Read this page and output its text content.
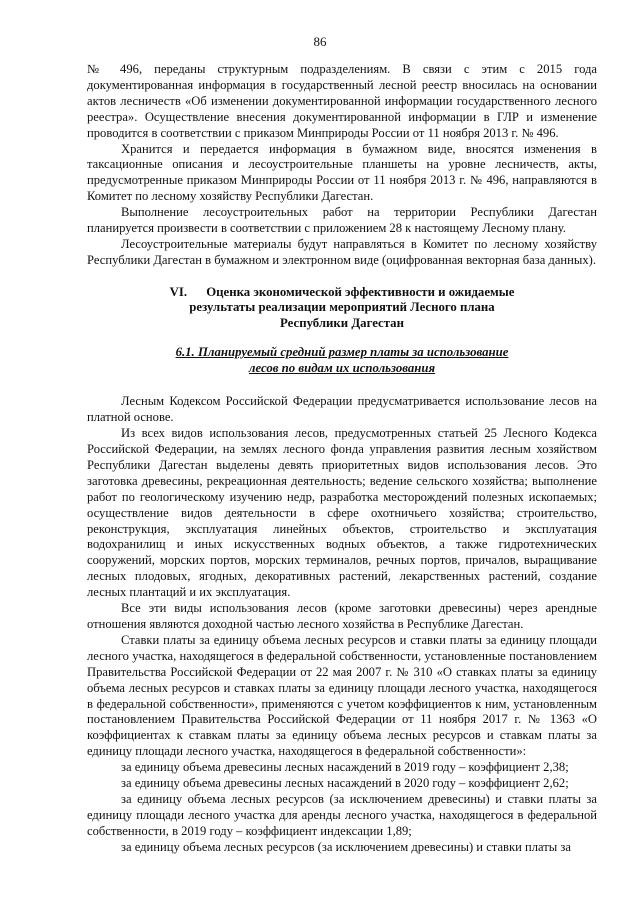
86

№ 496, переданы структурным подразделениям. В связи с этим с 2015 года документированная информация в государственный лесной реестр вносилась на основании актов лесничеств «Об изменении документированной информации государственного лесного реестра». Осуществление внесения документированной информации в ГЛР и изменение проводится в соответствии с приказом Минприроды России от 11 ноября 2013 г. № 496.

Хранится и передается информация в бумажном виде, вносятся изменения в таксационные описания и лесоустроительные планшеты на уровне лесничеств, акты, предусмотренные приказом Минприроды России от 11 ноября 2013 г. № 496, направляются в Комитет по лесному хозяйству Республики Дагестан.

Выполнение лесоустроительных работ на территории Республики Дагестан планируется произвести в соответствии с приложением 28 к настоящему Лесному плану.

Лесоустроительные материалы будут направляться в Комитет по лесному хозяйству Республики Дагестан в бумажном и электронном виде (оцифрованная векторная база данных).

VI.      Оценка экономической эффективности и ожидаемые
результаты реализации мероприятий Лесного плана
Республики Дагестан
6.1. Планируемый средний размер платы за использование
лесов по видам их использования

Лесным Кодексом Российской Федерации предусматривается использование лесов на платной основе.

Из всех видов использования лесов, предусмотренных статьей 25 Лесного Кодекса Российской Федерации, на землях лесного фонда управления развития лесным хозяйством Республики Дагестан выделены девять приоритетных видов использования лесов. Это заготовка древесины, рекреационная деятельность; ведение сельского хозяйства; выполнение работ по геологическому изучению недр, разработка месторождений полезных ископаемых; осуществление видов деятельности в сфере охотничьего хозяйства; строительство, реконструкция, эксплуатация линейных объектов, строительство и эксплуатация водохранилищ и иных искусственных водных объектов, а также гидротехнических сооружений, морских портов, морских терминалов, речных портов, причалов, выращивание лесных плодовых, ягодных, декоративных растений, лекарственных растений, создание лесных плантаций и их эксплуатация.

Все эти виды использования лесов (кроме заготовки древесины) через арендные отношения являются доходной частью лесного хозяйства в Республике Дагестан.

Ставки платы за единицу объема лесных ресурсов и ставки платы за единицу площади лесного участка, находящегося в федеральной собственности, установленные постановлением Правительства Российской Федерации от 22 мая 2007 г. № 310 «О ставках платы за единицу объема лесных ресурсов и ставках платы за единицу площади лесного участка, находящегося в федеральной собственности», применяются с учетом коэффициентов к ним, установленным постановлением Правительства Российской Федерации от 11 ноября 2017 г. № 1363 «О коэффициентах к ставкам платы за единицу объема лесных ресурсов и ставкам платы за единицу площади лесного участка, находящегося в федеральной собственности»:

за единицу объема древесины лесных насаждений в 2019 году – коэффициент 2,38;

за единицу объема древесины лесных насаждений в 2020 году – коэффициент 2,62;

за единицу объема лесных ресурсов (за исключением древесины) и ставки платы за единицу площади лесного участка для аренды лесного участка, находящегося в федеральной собственности, в 2019 году – коэффициент индексации 1,89;

за единицу объема лесных ресурсов (за исключением древесины) и ставки платы за
